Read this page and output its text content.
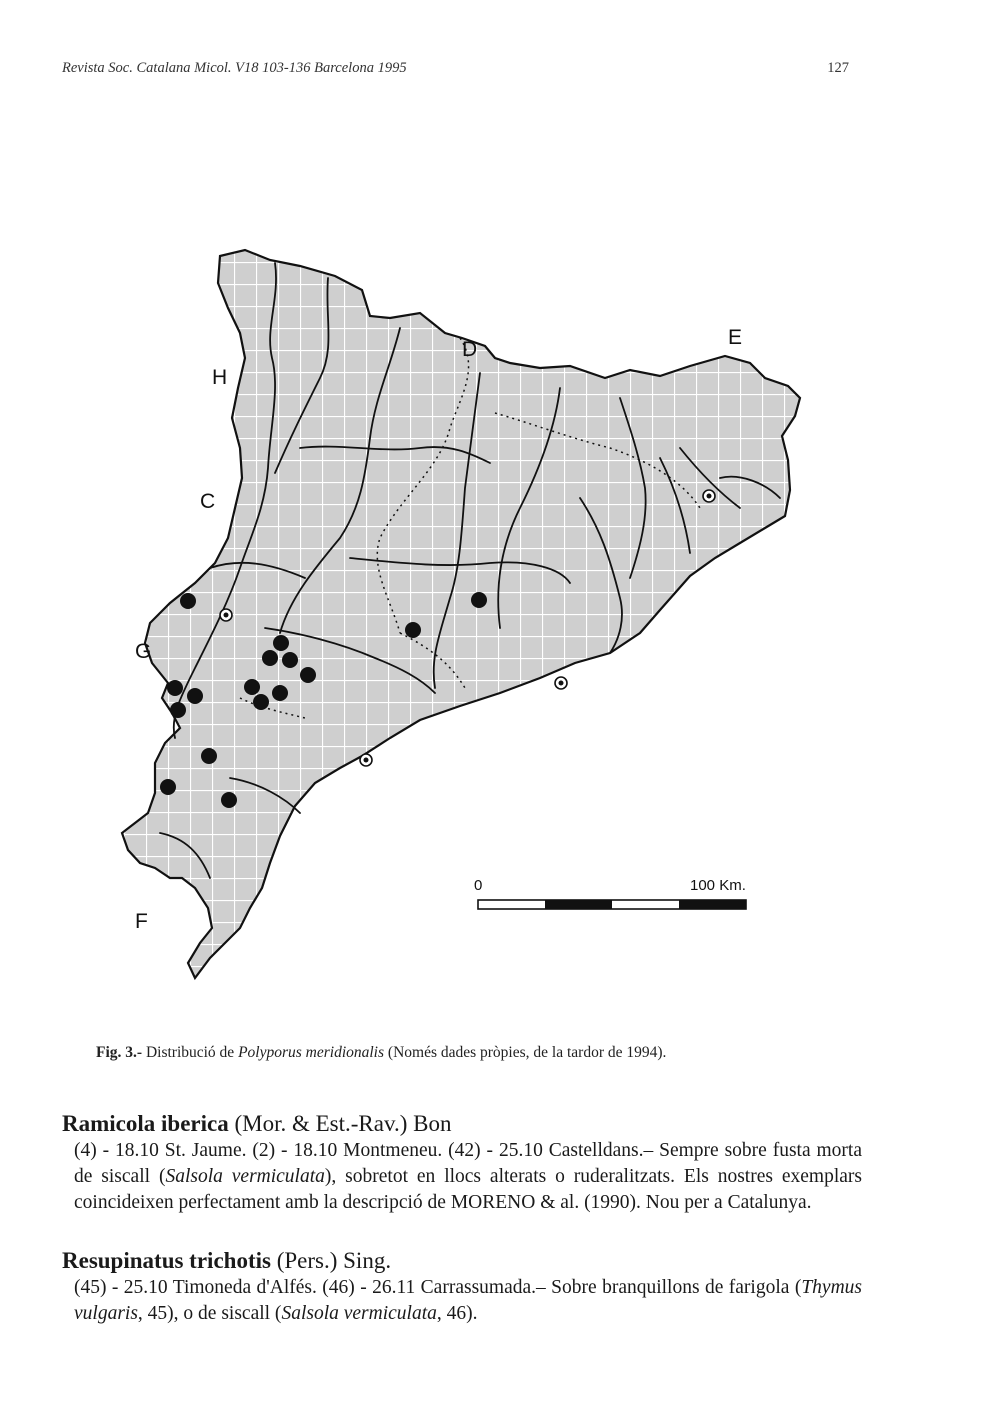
Revista Soc. Catalana Micol. V18 103-136 Barcelona 1995	127
H
D
E
C
G
F
0	100 Km.
Fig. 3.- Distribució de Polyporus meridionalis (Només dades pròpies, de la tardor de 1994).
Ramicola iberica (Mor. & Est.-Rav.) Bon
(4) - 18.10 St. Jaume. (2) - 18.10 Montmeneu. (42) - 25.10 Castelldans.– Sempre sobre fusta morta de siscall (Salsola vermiculata), sobretot en llocs alterats o ruderalitzats. Els nostres exemplars coincideixen perfectament amb la descripció de MORENO & al. (1990). Nou per a Catalunya.
Resupinatus trichotis (Pers.) Sing.
(45) - 25.10 Timoneda d'Alfés. (46) - 26.11 Carrassumada.– Sobre branquillons de farigola (Thymus vulgaris, 45), o de siscall (Salsola vermiculata, 46).
